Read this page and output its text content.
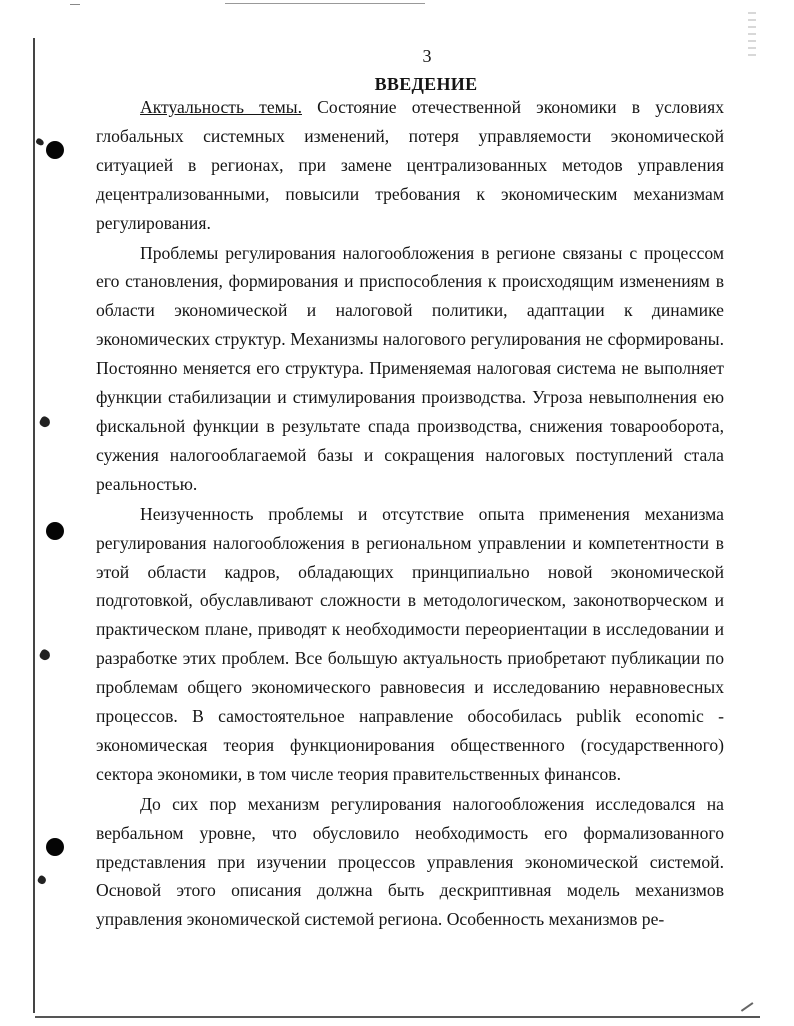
3
ВВЕДЕНИЕ

Актуальность темы. Состояние отечественной экономики в условиях глобальных системных изменений, потеря управляемости экономической ситуацией в регионах, при замене централизованных методов управления децентрализованными, повысили требования к экономическим механизмам регулирования.

Проблемы регулирования налогообложения в регионе связаны с процессом его становления, формирования и приспособления к происходящим изменениям в области экономической и налоговой политики, адаптации к динамике экономических структур. Механизмы налогового регулирования не сформированы. Постоянно меняется его структура. Применяемая налоговая система не выполняет функции стабилизации и стимулирования производства. Угроза невыполнения ею фискальной функции в результате спада производства, снижения товарооборота, сужения налогооблагаемой базы и сокращения налоговых поступлений стала реальностью.

Неизученность проблемы и отсутствие опыта применения механизма регулирования налогообложения в региональном управлении и компетентности в этой области кадров, обладающих принципиально новой экономической подготовкой, обуславливают сложности в методологическом, законотворческом и практическом плане, приводят к необходимости переориентации в исследовании и разработке этих проблем. Все большую актуальность приобретают публикации по проблемам общего экономического равновесия и исследованию неравновесных процессов. В самостоятельное направление обособилась publik economic - экономическая теория функционирования общественного (государственного) сектора экономики, в том числе теория правительственных финансов.

До сих пор механизм регулирования налогообложения исследовался на вербальном уровне, что обусловило необходимость его формализованного представления при изучении процессов управления экономической системой. Основой этого описания должна быть дескриптивная модель механизмов управления экономической системой региона. Особенность механизмов ре-
